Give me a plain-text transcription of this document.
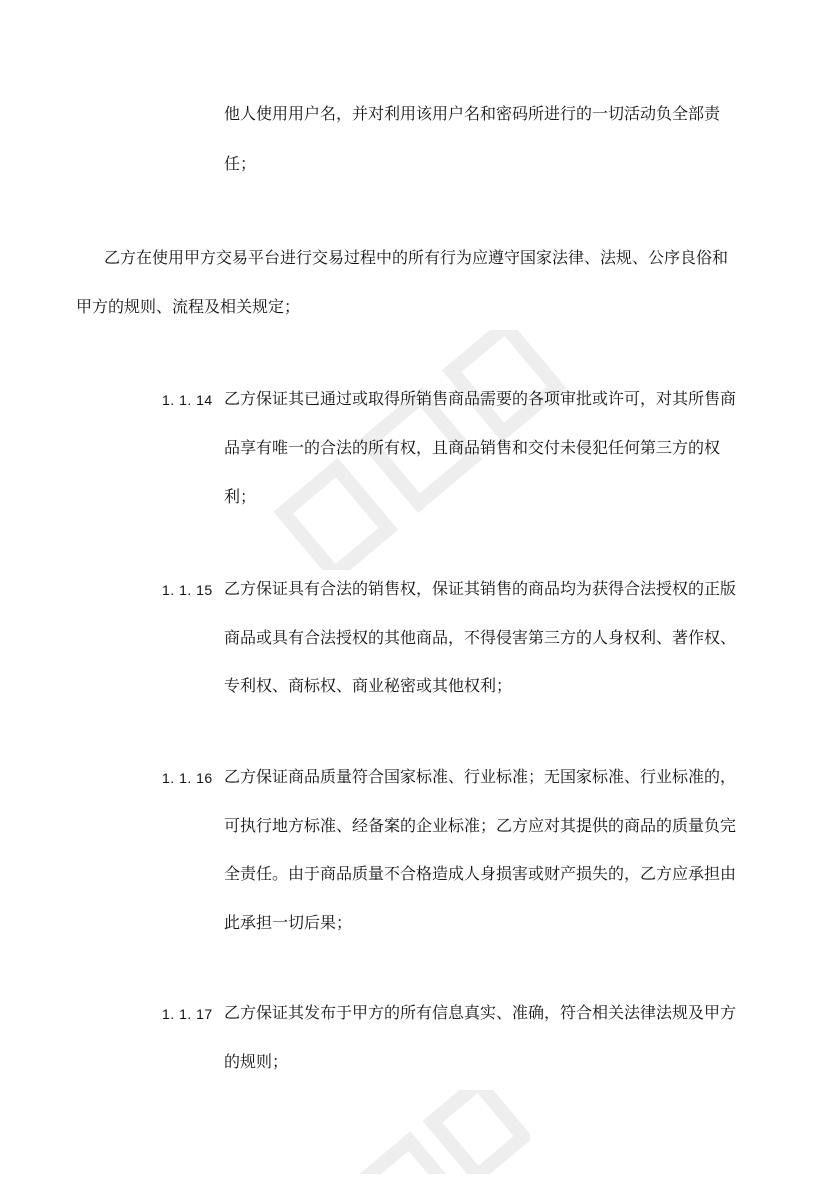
他人使用用户名，并对利用该用户名和密码所进行的一切活动负全部责
任；
乙方在使用甲方交易平台进行交易过程中的所有行为应遵守国家法律、法规、公序良俗和
甲方的规则、流程及相关规定；
1. 1. 14 乙方保证其已通过或取得所销售商品需要的各项审批或许可，对其所售商
品享有唯一的合法的所有权，且商品销售和交付未侵犯任何第三方的权
利；
1. 1. 15 乙方保证具有合法的销售权，保证其销售的商品均为获得合法授权的正版
商品或具有合法授权的其他商品，不得侵害第三方的人身权利、著作权、
专利权、商标权、商业秘密或其他权利；
1. 1. 16 乙方保证商品质量符合国家标准、行业标准；无国家标准、行业标准的，
可执行地方标准、经备案的企业标准；乙方应对其提供的商品的质量负完
全责任。由于商品质量不合格造成人身损害或财产损失的，乙方应承担由
此承担一切后果；
1. 1. 17 乙方保证其发布于甲方的所有信息真实、准确，符合相关法律法规及甲方
的规则；
